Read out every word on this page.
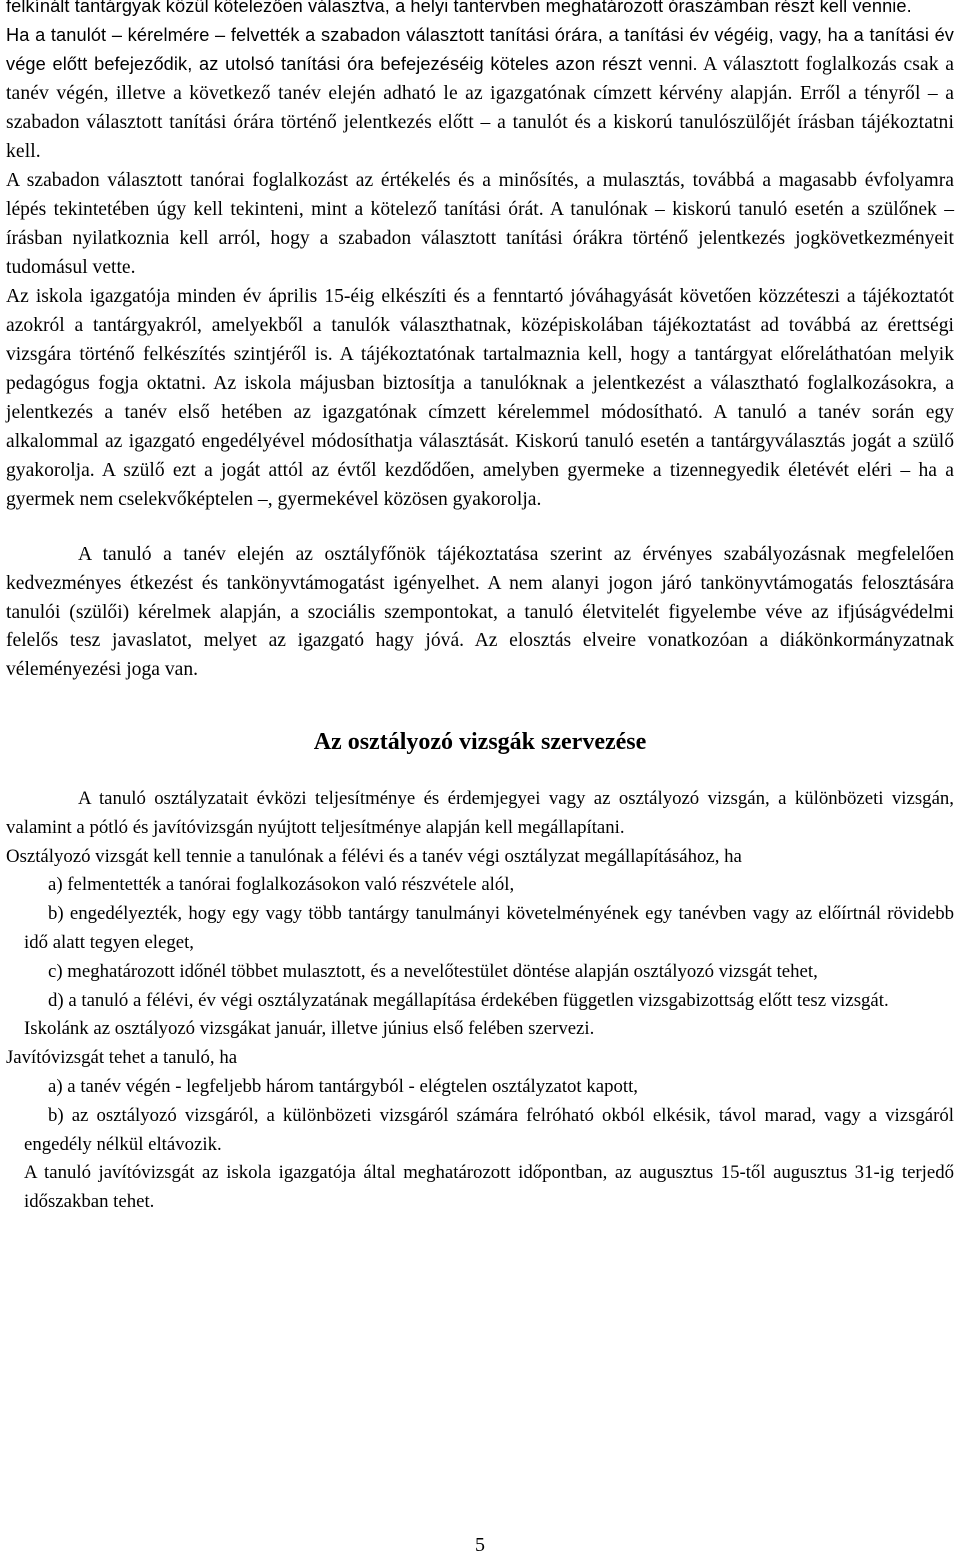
felkínált tantárgyak közül kötelezően választva, a helyi tantervben meghatározott óraszámban részt kell vennie.

Ha a tanulót – kérelmére – felvették a szabadon választott tanítási órára, a tanítási év végéig, vagy, ha a tanítási év vége előtt befejeződik, az utolsó tanítási óra befejezéséig köteles azon részt venni. A választott foglalkozás csak a tanév végén, illetve a következő tanév elején adható le az igazgatónak címzett kérvény alapján. Erről a tényről – a szabadon választott tanítási órára történő jelentkezés előtt – a tanulót és a kiskorú tanulószülőjét írásban tájékoztatni kell.

A szabadon választott tanórai foglalkozást az értékelés és a minősítés, a mulasztás, továbbá a magasabb évfolyamra lépés tekintetében úgy kell tekinteni, mint a kötelező tanítási órát. A tanulónak – kiskorú tanuló esetén a szülőnek – írásban nyilatkoznia kell arról, hogy a szabadon választott tanítási órákra történő jelentkezés jogkövetkezményeit tudomásul vette.

Az iskola igazgatója minden év április 15-éig elkészíti és a fenntartó jóváhagyását követően közzéteszi a tájékoztatót azokról a tantárgyakról, amelyekből a tanulók választhatnak, középiskolában tájékoztatást ad továbbá az érettségi vizsgára történő felkészítés szintjéről is. A tájékoztatónak tartalmaznia kell, hogy a tantárgyat előreláthatóan melyik pedagógus fogja oktatni. Az iskola májusban biztosítja a tanulóknak a jelentkezést a választható foglalkozásokra, a jelentkezés a tanév első hetében az igazgatónak címzett kérelemmel módosítható. A tanuló a tanév során egy alkalommal az igazgató engedélyével módosíthatja választását. Kiskorú tanuló esetén a tantárgyválasztás jogát a szülő gyakorolja. A szülő ezt a jogát attól az évtől kezdődően, amelyben gyermeke a tizennegyedik életévét eléri – ha a gyermek nem cselekvőképtelen –, gyermekével közösen gyakorolja.

A tanuló a tanév elején az osztályfőnök tájékoztatása szerint az érvényes szabályozásnak megfelelően kedvezményes étkezést és tankönyvtámogatást igényelhet. A nem alanyi jogon járó tankönyvtámogatás felosztására tanulói (szülői) kérelmek alapján, a szociális szempontokat, a tanuló életvitelét figyelembe véve az ifjúságvédelmi felelős tesz javaslatot, melyet az igazgató hagy jóvá. Az elosztás elveire vonatkozóan a diákönkormányzatnak véleményezési joga van.

Az osztályozó vizsgák szervezése

A tanuló osztályzatait évközi teljesítménye és érdemjegyei vagy az osztályozó vizsgán, a különbözeti vizsgán, valamint a pótló és javítóvizsgán nyújtott teljesítménye alapján kell megállapítani.

Osztályozó vizsgát kell tennie a tanulónak a félévi és a tanév végi osztályzat megállapításához, ha

a) felmentették a tanórai foglalkozásokon való részvétele alól,

b) engedélyezték, hogy egy vagy több tantárgy tanulmányi követelményének egy tanévben vagy az előírtnál rövidebb idő alatt tegyen eleget,

c) meghatározott időnél többet mulasztott, és a nevelőtestület döntése alapján osztályozó vizsgát tehet,

d) a tanuló a félévi, év végi osztályzatának megállapítása érdekében független vizsgabizottság előtt tesz vizsgát.

Iskolánk az osztályozó vizsgákat január, illetve június első felében szervezi.

Javítóvizsgát tehet a tanuló, ha

a) a tanév végén - legfeljebb három tantárgyból - elégtelen osztályzatot kapott,

b) az osztályozó vizsgáról, a különbözeti vizsgáról számára felróható okból elkésik, távol marad, vagy a vizsgáról engedély nélkül eltávozik.

A tanuló javítóvizsgát az iskola igazgatója által meghatározott időpontban, az augusztus 15-től augusztus 31-ig terjedő időszakban tehet.

5
